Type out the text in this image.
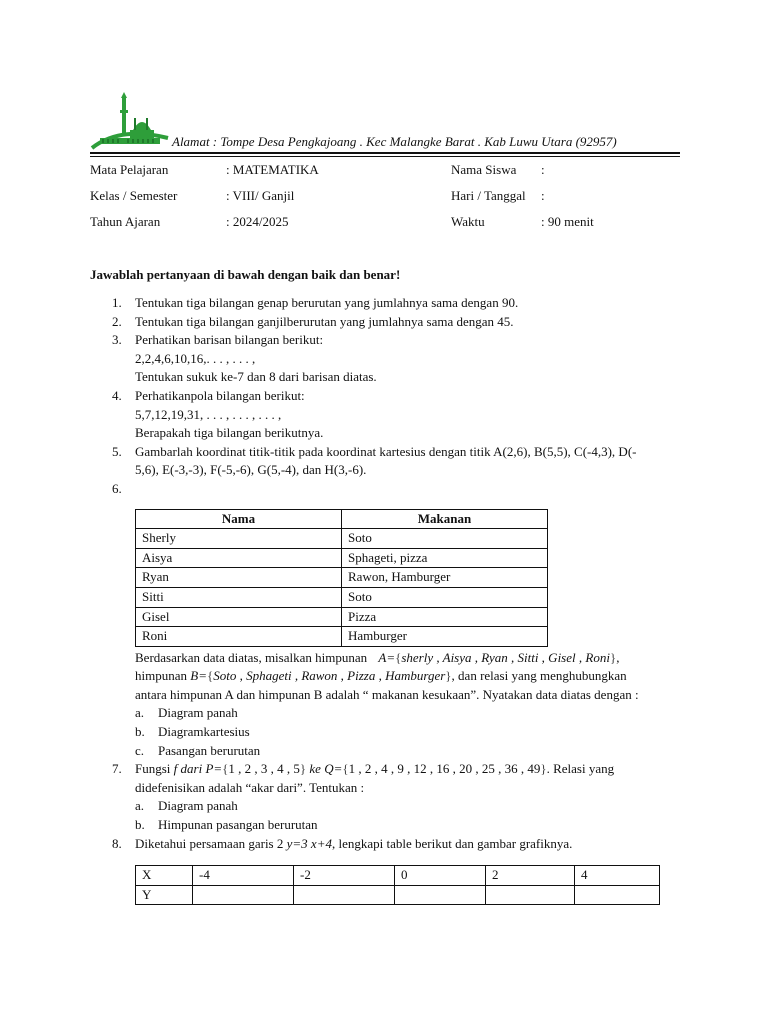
Alamat : Tompe Desa Pengkajoang . Kec Malangke Barat . Kab Luwu Utara (92957)
Mata Pelajaran	: MATEMATIKA	Nama Siswa :
Kelas / Semester	: VIII/ Ganjil	Hari / Tanggal :
Tahun Ajaran	: 2024/2025	Waktu	: 90 menit
Jawablah pertanyaan di bawah dengan baik dan benar!
1. Tentukan tiga bilangan genap berurutan yang jumlahnya sama dengan 90.
2. Tentukan tiga bilangan ganjilberurutan yang jumlahnya sama dengan 45.
3. Perhatikan barisan bilangan berikut:
2,2,4,6,10,16,. . . , . . . ,
Tentukan sukuk ke-7 dan 8 dari barisan diatas.
4. Perhatikanpola bilangan berikut:
5,7,12,19,31, . . . , . . . , . . . ,
Berapakah tiga bilangan berikutnya.
5. Gambarlah koordinat titik-titik pada koordinat kartesius dengan titik A(2,6), B(5,5), C(-4,3), D(-
5,6), E(-3,-3), F(-5,-6), G(5,-4), dan H(3,-6).
6.
Nama	Makanan
Sherly	Soto
Aisya	Sphageti, pizza
Ryan	Rawon, Hamburger
Sitti	Soto
Gisel	Pizza
Roni	Hamburger
Berdasarkan data diatas, misalkan himpunan A={sherly , Aisya , Ryan , Sitti , Gisel , Roni},
himpunan B={Soto , Sphageti , Rawon , Pizza , Hamburger}, dan relasi yang menghubungkan
antara himpunan A dan himpunan B adalah “ makanan kesukaan”. Nyatakan data diatas dengan :
a. Diagram panah
b. Diagramkartesius
c. Pasangan berurutan
7. Fungsi f dari P={1 , 2 , 3 , 4 , 5} ke Q={1 , 2 , 4 , 9 , 12 , 16 , 20 , 25 , 36 , 49}. Relasi yang
didefenisikan adalah “akar dari”. Tentukan :
a. Diagram panah
b. Himpunan pasangan berurutan
8. Diketahui persamaan garis 2 y=3 x+4, lengkapi table berikut dan gambar grafiknya.
X	-4	-2	0	2	4
Y					
